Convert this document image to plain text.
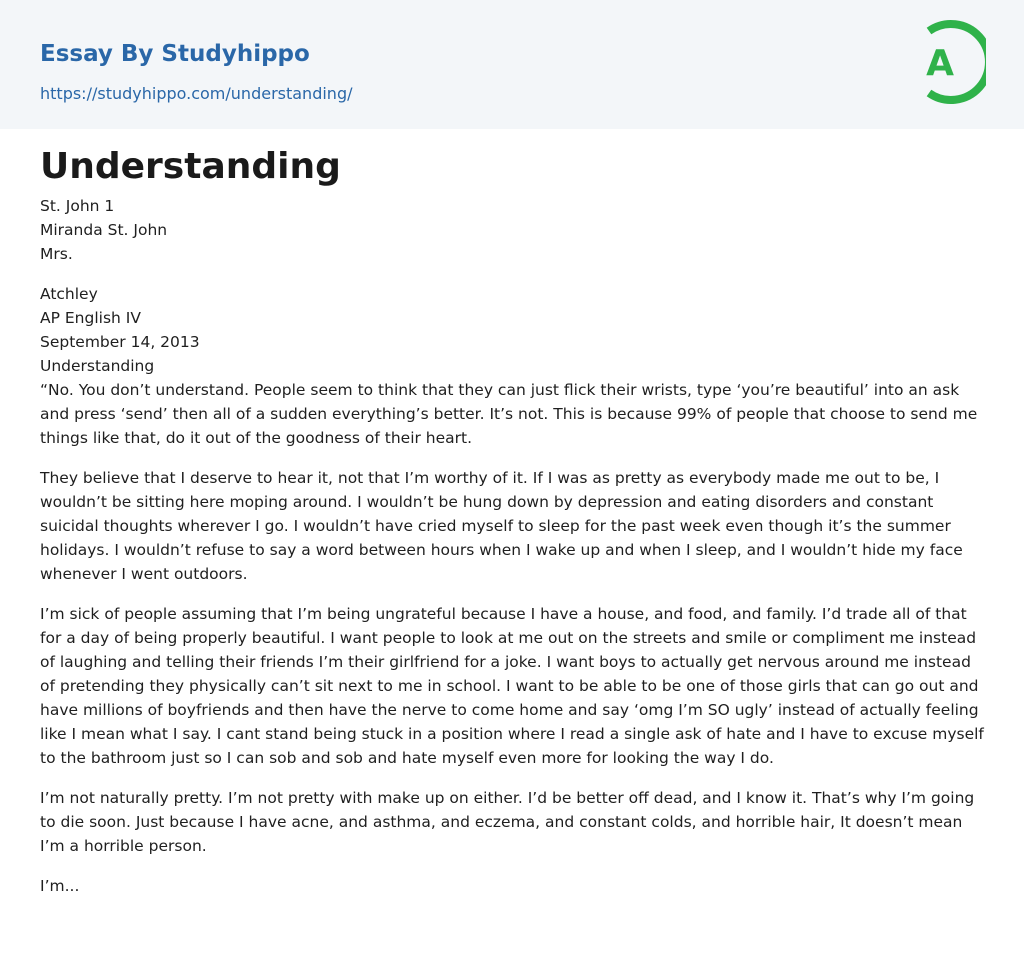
Essay By Studyhippo
https://studyhippo.com/understanding/
A
Understanding
St. John 1
Miranda St. John
Mrs.
Atchley
AP English IV
September 14, 2013
Understanding

“No. You don’t understand. People seem to think that they can just flick their wrists, type ‘you’re beautiful’ into an ask and press ‘send’ then all of a sudden everything’s better. It’s not. This is because 99% of people that choose to send me things like that, do it out of the goodness of their heart.

They believe that I deserve to hear it, not that I’m worthy of it. If I was as pretty as everybody made me out to be, I wouldn’t be sitting here moping around. I wouldn’t be hung down by depression and eating disorders and constant suicidal thoughts wherever I go. I wouldn’t have cried myself to sleep for the past week even though it’s the summer holidays. I wouldn’t refuse to say a word between hours when I wake up and when I sleep, and I wouldn’t hide my face whenever I went outdoors.

I’m sick of people assuming that I’m being ungrateful because I have a house, and food, and family. I’d trade all of that for a day of being properly beautiful. I want people to look at me out on the streets and smile or compliment me instead of laughing and telling their friends I’m their girlfriend for a joke. I want boys to actually get nervous around me instead of pretending they physically can’t sit next to me in school. I want to be able to be one of those girls that can go out and have millions of boyfriends and then have the nerve to come home and say ‘omg I’m SO ugly’ instead of actually feeling like I mean what I say. I cant stand being stuck in a position where I read a single ask of hate and I have to excuse myself to the bathroom just so I can sob and sob and hate myself even more for looking the way I do.

I’m not naturally pretty. I’m not pretty with make up on either. I’d be better off dead, and I know it. That’s why I’m going to die soon. Just because I have acne, and asthma, and eczema, and constant colds, and horrible hair, It doesn’t mean I’m a horrible person.

I’m...
